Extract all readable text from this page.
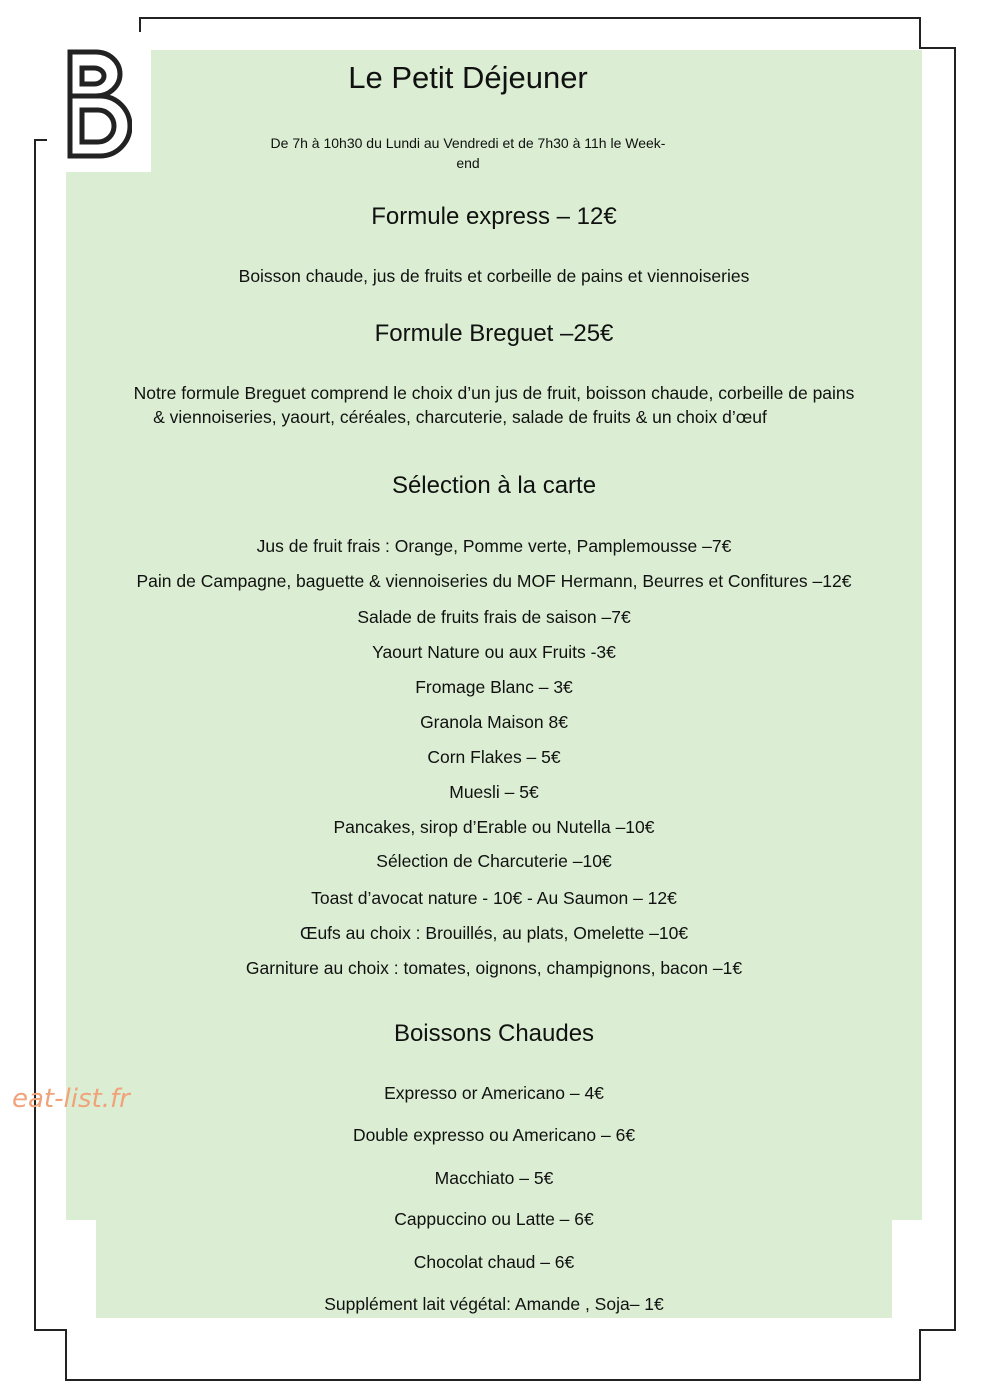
Le Petit Déjeuner

De 7h à 10h30 du Lundi au Vendredi et de 7h30 à 11h le Week-
end

Formule express – 12€

Boisson chaude, jus de fruits et corbeille de pains et viennoiseries

Formule Breguet –25€

Notre formule Breguet comprend le choix d’un jus de fruit, boisson chaude, corbeille de pains

& viennoiseries, yaourt, céréales, charcuterie, salade de fruits & un choix d’œuf

Sélection à la carte

Jus de fruit frais : Orange, Pomme verte, Pamplemousse –7€

Pain de Campagne, baguette & viennoiseries du MOF Hermann, Beurres et Confitures –12€

Salade de fruits frais de saison –7€

Yaourt Nature ou aux Fruits -3€

Fromage Blanc – 3€

Granola Maison 8€

Corn Flakes – 5€

Muesli – 5€

Pancakes, sirop d’Erable ou Nutella –10€

Sélection de Charcuterie –10€

Toast d’avocat nature - 10€ - Au Saumon – 12€

Œufs au choix : Brouillés, au plats, Omelette –10€

Garniture au choix : tomates, oignons, champignons, bacon –1€

Boissons Chaudes

Expresso or Americano – 4€

Double expresso ou Americano – 6€

Macchiato – 5€

Cappuccino ou Latte – 6€

Chocolat chaud – 6€

Supplément lait végétal: Amande , Soja– 1€

eat-list.fr
